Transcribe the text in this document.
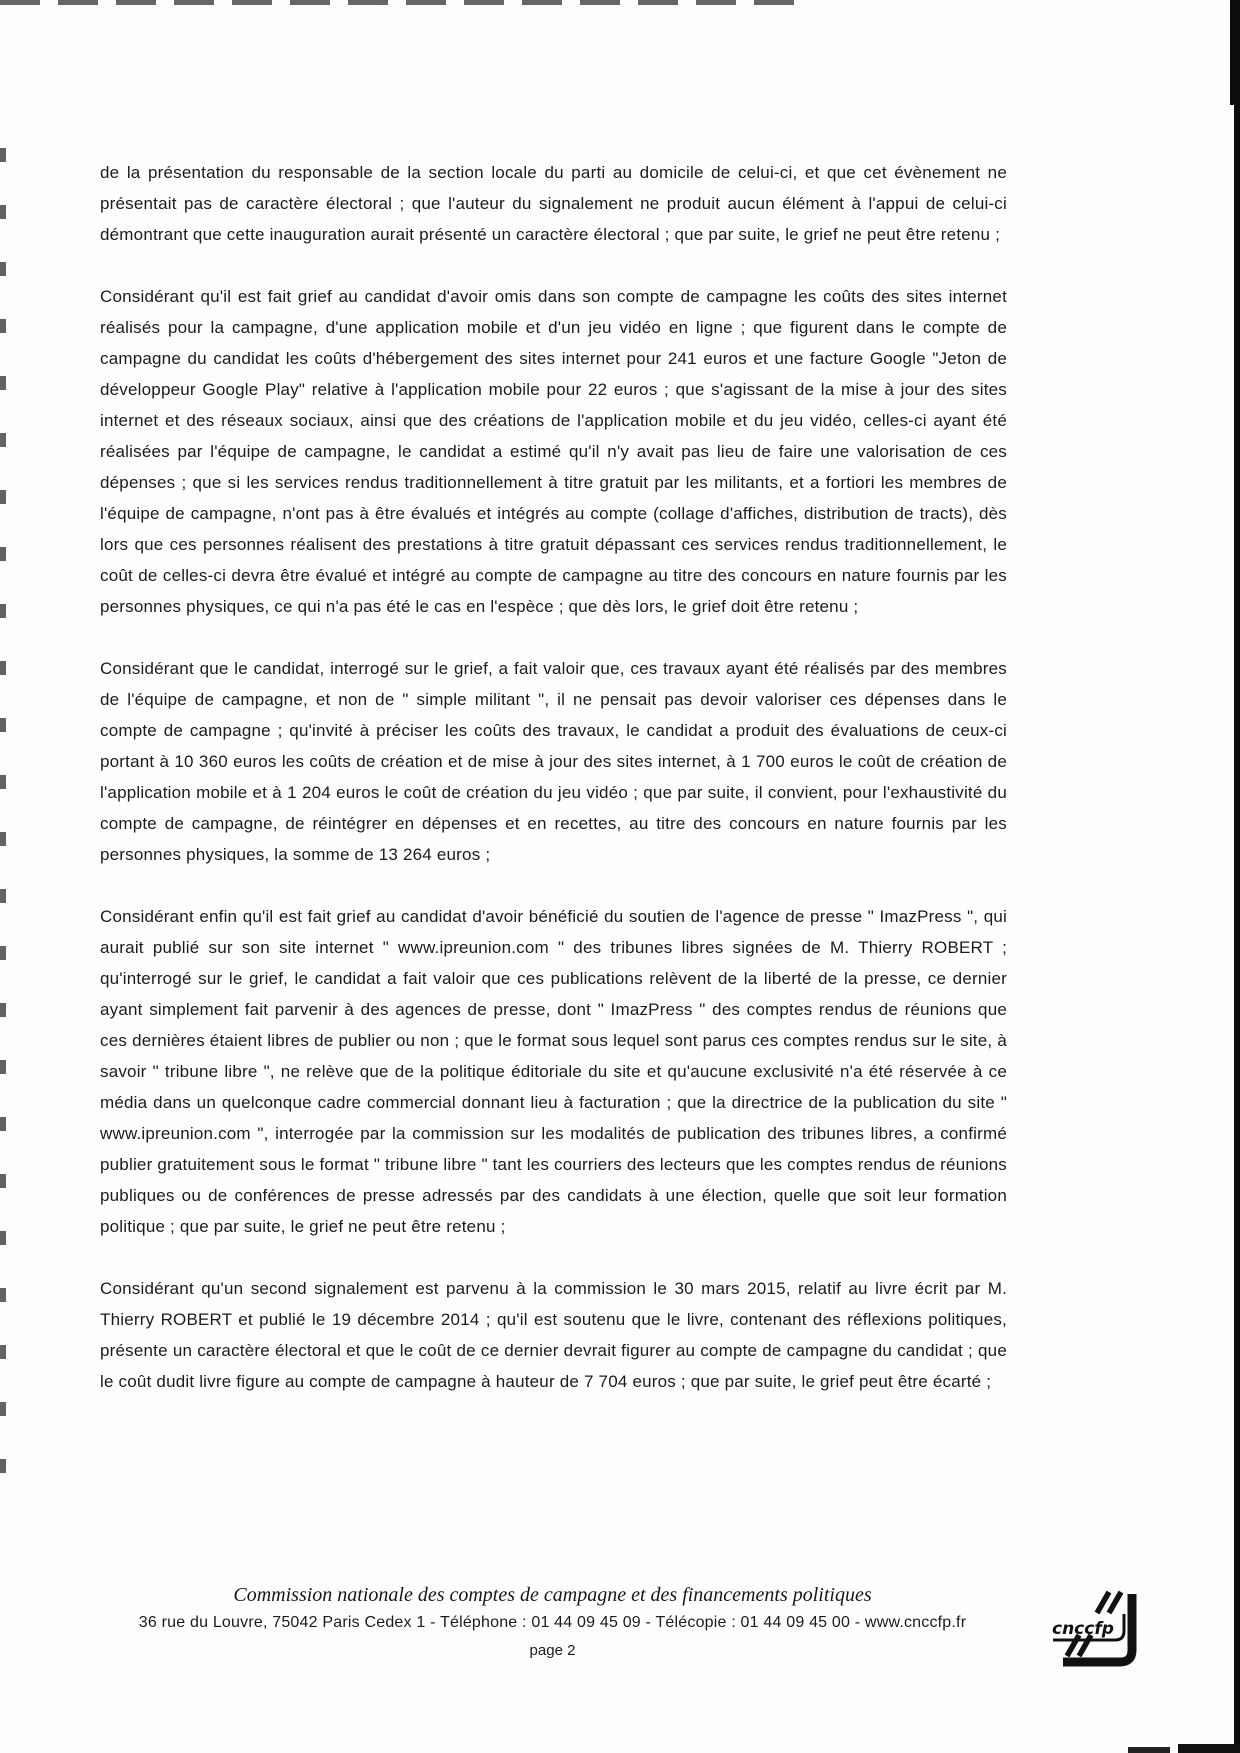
de la présentation du responsable de la section locale du parti au domicile de celui-ci, et que cet évènement ne présentait pas de caractère électoral ; que l'auteur du signalement ne produit aucun élément à l'appui de celui-ci démontrant que cette inauguration aurait présenté un caractère électoral ; que par suite, le grief ne peut être retenu ;

Considérant qu'il est fait grief au candidat d'avoir omis dans son compte de campagne les coûts des sites internet réalisés pour la campagne, d'une application mobile et d'un jeu vidéo en ligne ; que figurent dans le compte de campagne du candidat les coûts d'hébergement des sites internet pour 241 euros et une facture Google "Jeton de développeur Google Play" relative à l'application mobile pour 22 euros ; que s'agissant de la mise à jour des sites internet et des réseaux sociaux, ainsi que des créations de l'application mobile et du jeu vidéo, celles-ci ayant été réalisées par l'équipe de campagne, le candidat a estimé qu'il n'y avait pas lieu de faire une valorisation de ces dépenses ; que si les services rendus traditionnellement à titre gratuit par les militants, et a fortiori les membres de l'équipe de campagne, n'ont pas à être évalués et intégrés au compte (collage d'affiches, distribution de tracts), dès lors que ces personnes réalisent des prestations à titre gratuit dépassant ces services rendus traditionnellement, le coût de celles-ci devra être évalué et intégré au compte de campagne au titre des concours en nature fournis par les personnes physiques, ce qui n'a pas été le cas en l'espèce ; que dès lors, le grief doit être retenu ;

Considérant que le candidat, interrogé sur le grief, a fait valoir que, ces travaux ayant été réalisés par des membres de l'équipe de campagne, et non de " simple militant ", il ne pensait pas devoir valoriser ces dépenses dans le compte de campagne ; qu'invité à préciser les coûts des travaux, le candidat a produit des évaluations de ceux-ci portant à 10 360 euros les coûts de création et de mise à jour des sites internet, à 1 700 euros le coût de création de l'application mobile et à 1 204 euros le coût de création du jeu vidéo ; que par suite, il convient, pour l'exhaustivité du compte de campagne, de réintégrer en dépenses et en recettes, au titre des concours en nature fournis par les personnes physiques, la somme de 13 264 euros ;

Considérant enfin qu'il est fait grief au candidat d'avoir bénéficié du soutien de l'agence de presse " ImazPress ", qui aurait publié sur son site internet " www.ipreunion.com " des tribunes libres signées de M. Thierry ROBERT ; qu'interrogé sur le grief, le candidat a fait valoir que ces publications relèvent de la liberté de la presse, ce dernier ayant simplement fait parvenir à des agences de presse, dont " ImazPress " des comptes rendus de réunions que ces dernières étaient libres de publier ou non ; que le format sous lequel sont parus ces comptes rendus sur le site, à savoir " tribune libre ", ne relève que de la politique éditoriale du site et qu'aucune exclusivité n'a été réservée à ce média dans un quelconque cadre commercial donnant lieu à facturation ; que la directrice de la publication du site " www.ipreunion.com ", interrogée par la commission sur les modalités de publication des tribunes libres, a confirmé publier gratuitement sous le format " tribune libre " tant les courriers des lecteurs que les comptes rendus de réunions publiques ou de conférences de presse adressés par des candidats à une élection, quelle que soit leur formation politique ; que par suite, le grief ne peut être retenu ;

Considérant qu'un second signalement est parvenu à la commission le 30 mars 2015, relatif au livre écrit par M. Thierry ROBERT et publié le 19 décembre 2014 ; qu'il est soutenu que le livre, contenant des réflexions politiques, présente un caractère électoral et que le coût de ce dernier devrait figurer au compte de campagne du candidat ; que le coût dudit livre figure au compte de campagne à hauteur de 7 704 euros ; que par suite, le grief peut être écarté ;

Commission nationale des comptes de campagne et des financements politiques
36 rue du Louvre, 75042 Paris Cedex 1 - Téléphone : 01 44 09 45 09 - Télécopie : 01 44 09 45 00 - www.cnccfp.fr
page 2
cnccfp
